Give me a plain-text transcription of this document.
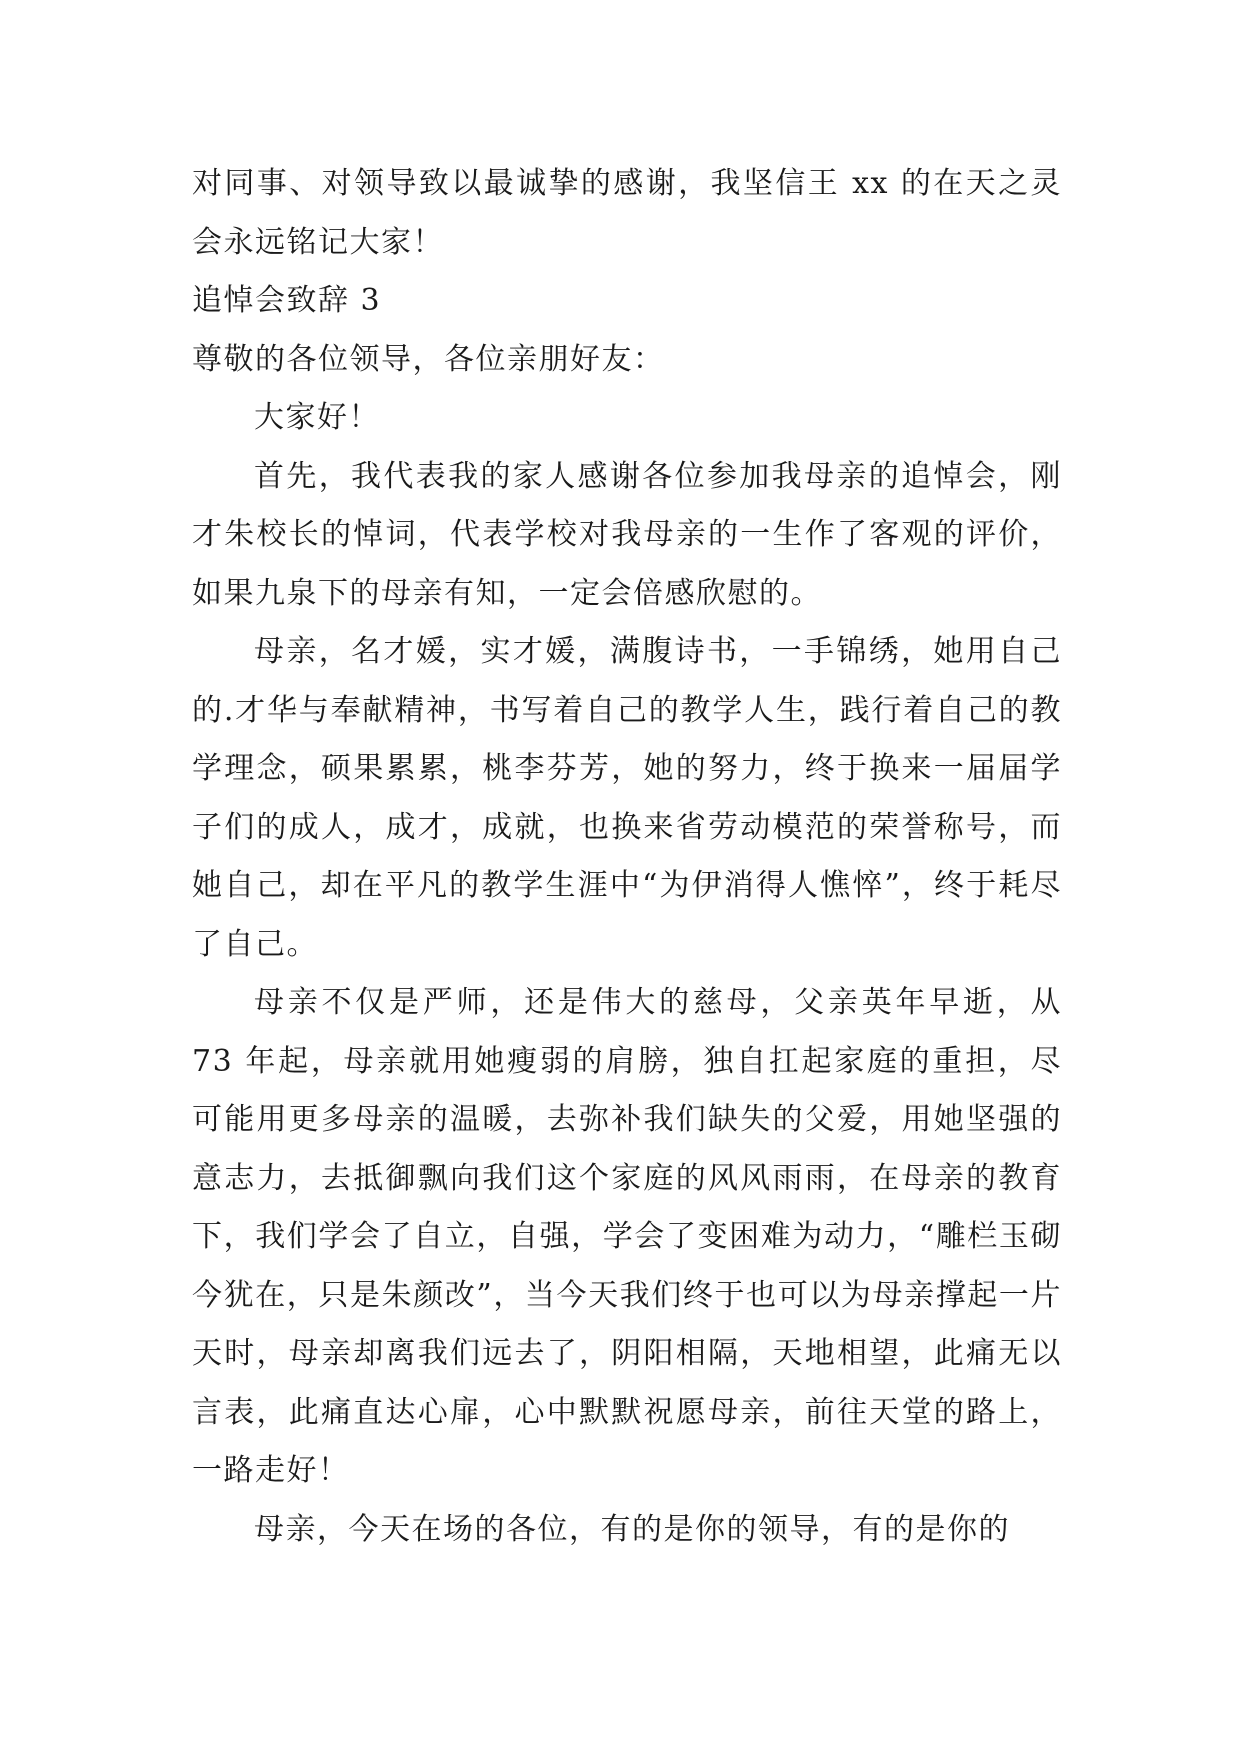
对同事、对领导致以最诚挚的感谢，我坚信王 xx 的在天之灵会永远铭记大家！

追悼会致辞 3

尊敬的各位领导，各位亲朋好友：

大家好！

首先，我代表我的家人感谢各位参加我母亲的追悼会，刚才朱校长的悼词，代表学校对我母亲的一生作了客观的评价，如果九泉下的母亲有知，一定会倍感欣慰的。

母亲，名才媛，实才媛，满腹诗书，一手锦绣，她用自己的.才华与奉献精神，书写着自己的教学人生，践行着自己的教学理念，硕果累累，桃李芬芳，她的努力，终于换来一届届学子们的成人，成才，成就，也换来省劳动模范的荣誉称号，而她自己，却在平凡的教学生涯中“为伊消得人憔悴”，终于耗尽了自己。

母亲不仅是严师，还是伟大的慈母，父亲英年早逝，从 73 年起，母亲就用她瘦弱的肩膀，独自扛起家庭的重担，尽可能用更多母亲的温暖，去弥补我们缺失的父爱，用她坚强的意志力，去抵御飘向我们这个家庭的风风雨雨，在母亲的教育下，我们学会了自立，自强，学会了变困难为动力，“雕栏玉砌今犹在，只是朱颜改”，当今天我们终于也可以为母亲撑起一片天时，母亲却离我们远去了，阴阳相隔，天地相望，此痛无以言表，此痛直达心扉，心中默默祝愿母亲，前往天堂的路上，一路走好！

母亲，今天在场的各位，有的是你的领导，有的是你的
